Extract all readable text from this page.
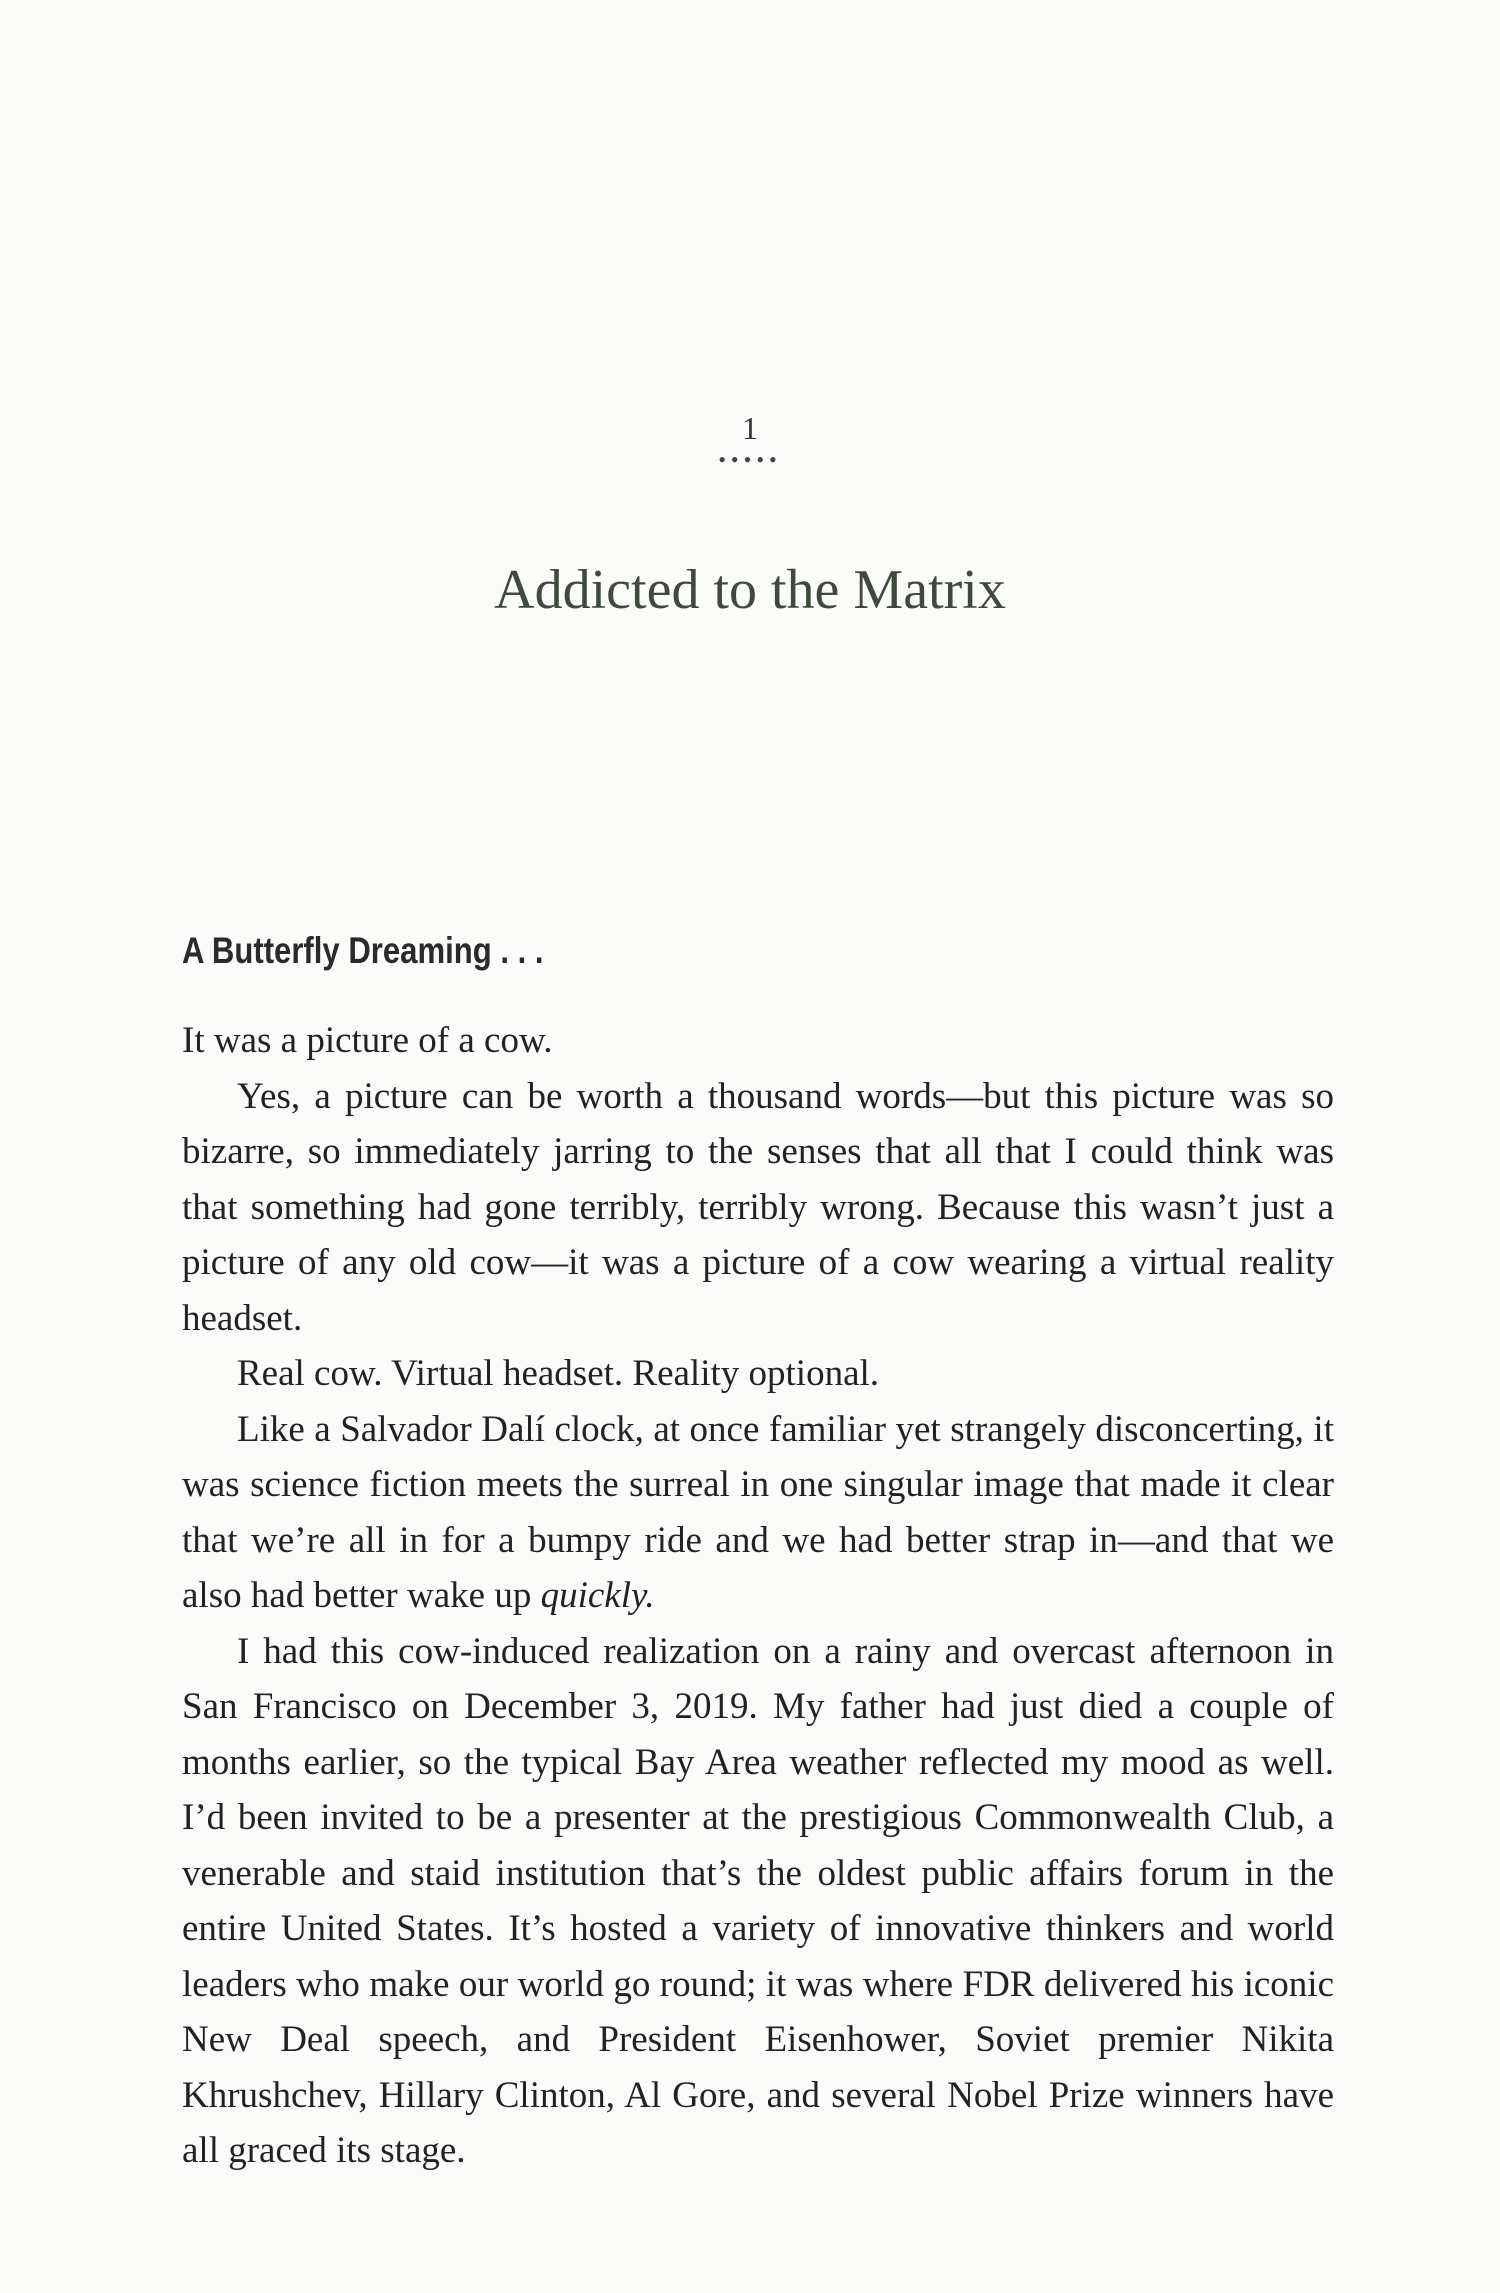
1
•••••
Addicted to the Matrix
A Butterfly Dreaming . . .

It was a picture of a cow.

Yes, a picture can be worth a thousand words—but this picture was so bizarre, so immediately jarring to the senses that all that I could think was that something had gone terribly, terribly wrong. Because this wasn’t just a picture of any old cow—it was a picture of a cow wearing a virtual reality headset.

Real cow. Virtual headset. Reality optional.

Like a Salvador Dalí clock, at once familiar yet strangely disconcerting, it was science fiction meets the surreal in one singular image that made it clear that we’re all in for a bumpy ride and we had better strap in—and that we also had better wake up quickly.

I had this cow-induced realization on a rainy and overcast afternoon in San Francisco on December 3, 2019. My father had just died a couple of months earlier, so the typical Bay Area weather reflected my mood as well. I’d been invited to be a presenter at the prestigious Commonwealth Club, a venerable and staid institution that’s the oldest public affairs forum in the entire United States. It’s hosted a variety of innovative thinkers and world leaders who make our world go round; it was where FDR delivered his iconic New Deal speech, and President Eisenhower, Soviet premier Nikita Khrushchev, Hillary Clinton, Al Gore, and several Nobel Prize winners have all graced its stage.
